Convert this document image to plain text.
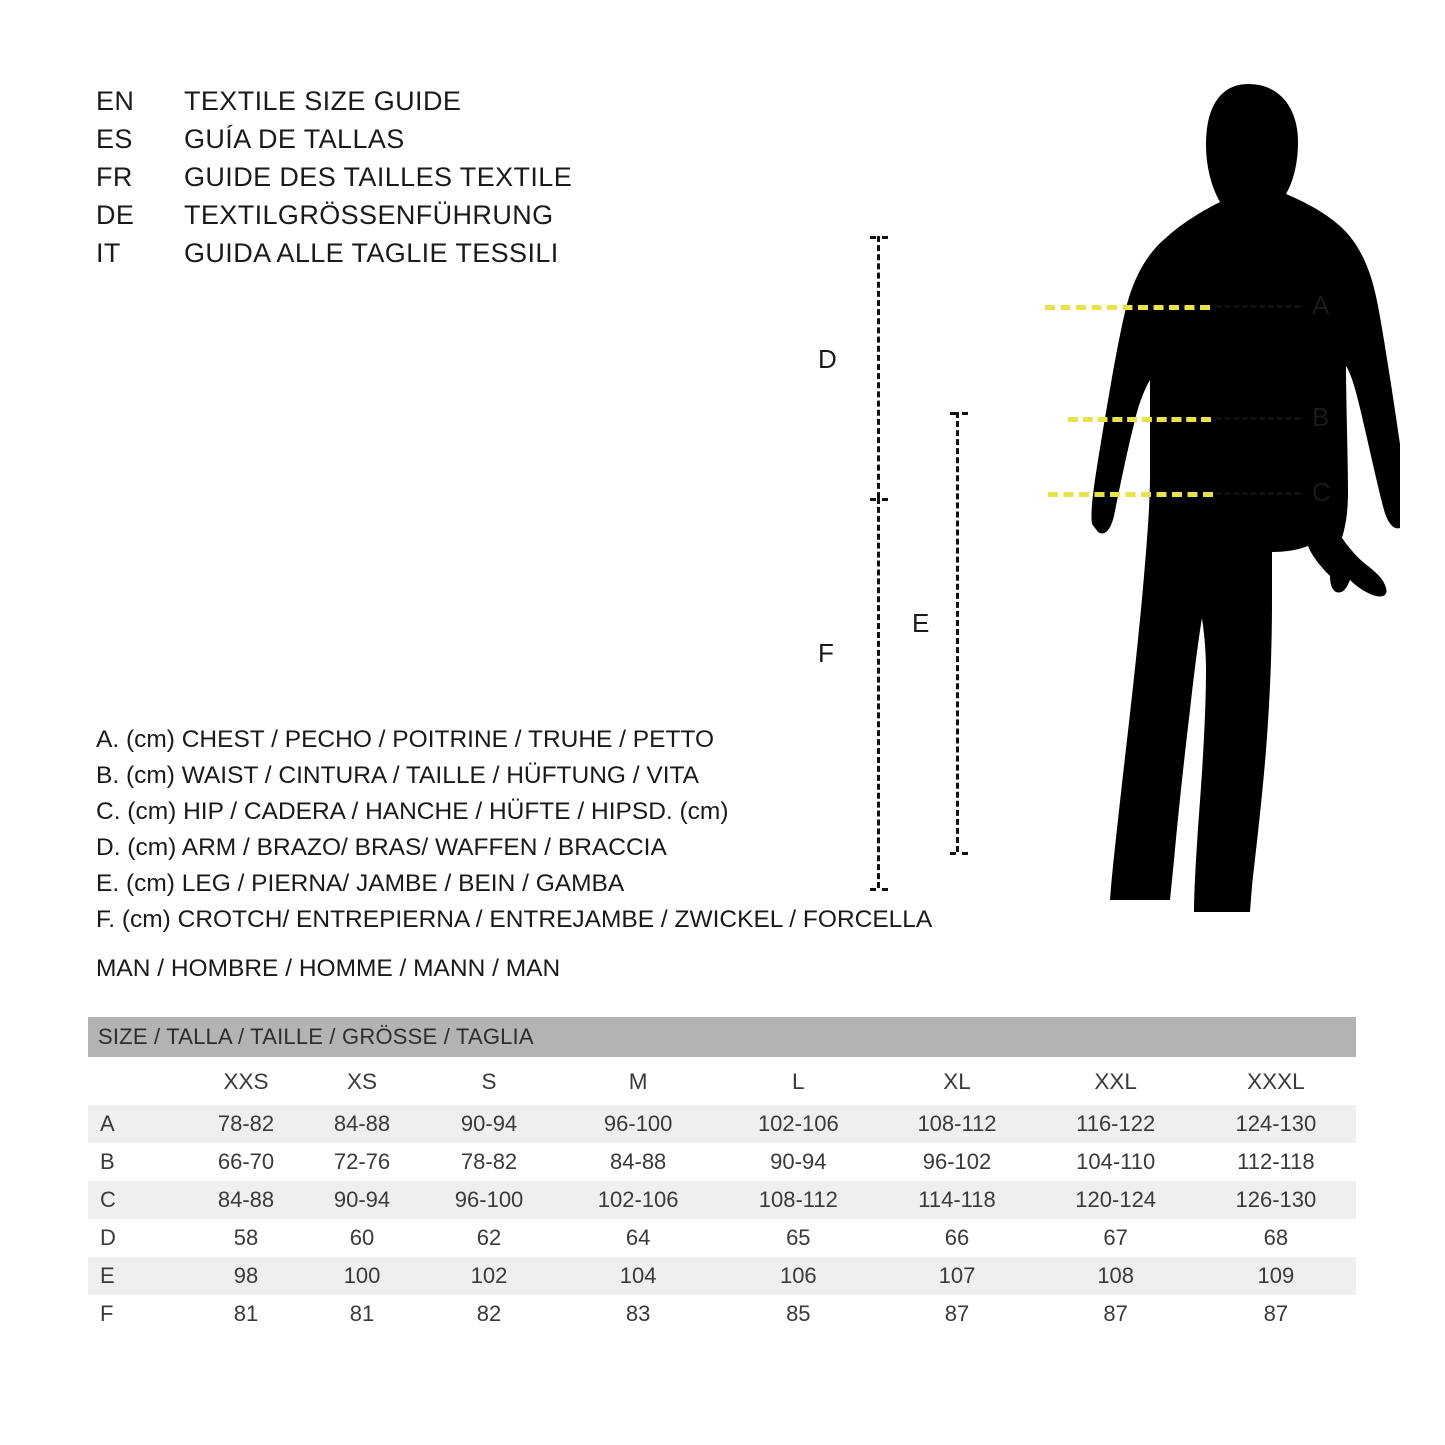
EN	TEXTILE SIZE GUIDE
ES	GUÍA DE TALLAS
FR	GUIDE DES TAILLES TEXTILE
DE	TEXTILGRÖSSENFÜHRUNG
IT	GUIDA ALLE TAGLIE TESSILI
A
B
C
D
F
E
A. (cm) CHEST / PECHO / POITRINE / TRUHE / PETTO
B. (cm) WAIST / CINTURA / TAILLE / HÜFTUNG / VITA
C. (cm) HIP / CADERA / HANCHE / HÜFTE / HIPSD. (cm)
D. (cm) ARM / BRAZO/ BRAS/ WAFFEN / BRACCIA
E. (cm) LEG / PIERNA/ JAMBE / BEIN / GAMBA
F. (cm) CROTCH/ ENTREPIERNA / ENTREJAMBE / ZWICKEL / FORCELLA
MAN / HOMBRE / HOMME / MANN / MAN
SIZE / TALLA / TAILLE / GRÖSSE / TAGLIA								
	XXS	XS	S	M	L	XL	XXL	XXXL
A	78-82	84-88	90-94	96-100	102-106	108-112	116-122	124-130
B	66-70	72-76	78-82	84-88	90-94	96-102	104-110	112-118
C	84-88	90-94	96-100	102-106	108-112	114-118	120-124	126-130
D	58	60	62	64	65	66	67	68
E	98	100	102	104	106	107	108	109
F	81	81	82	83	85	87	87	87
